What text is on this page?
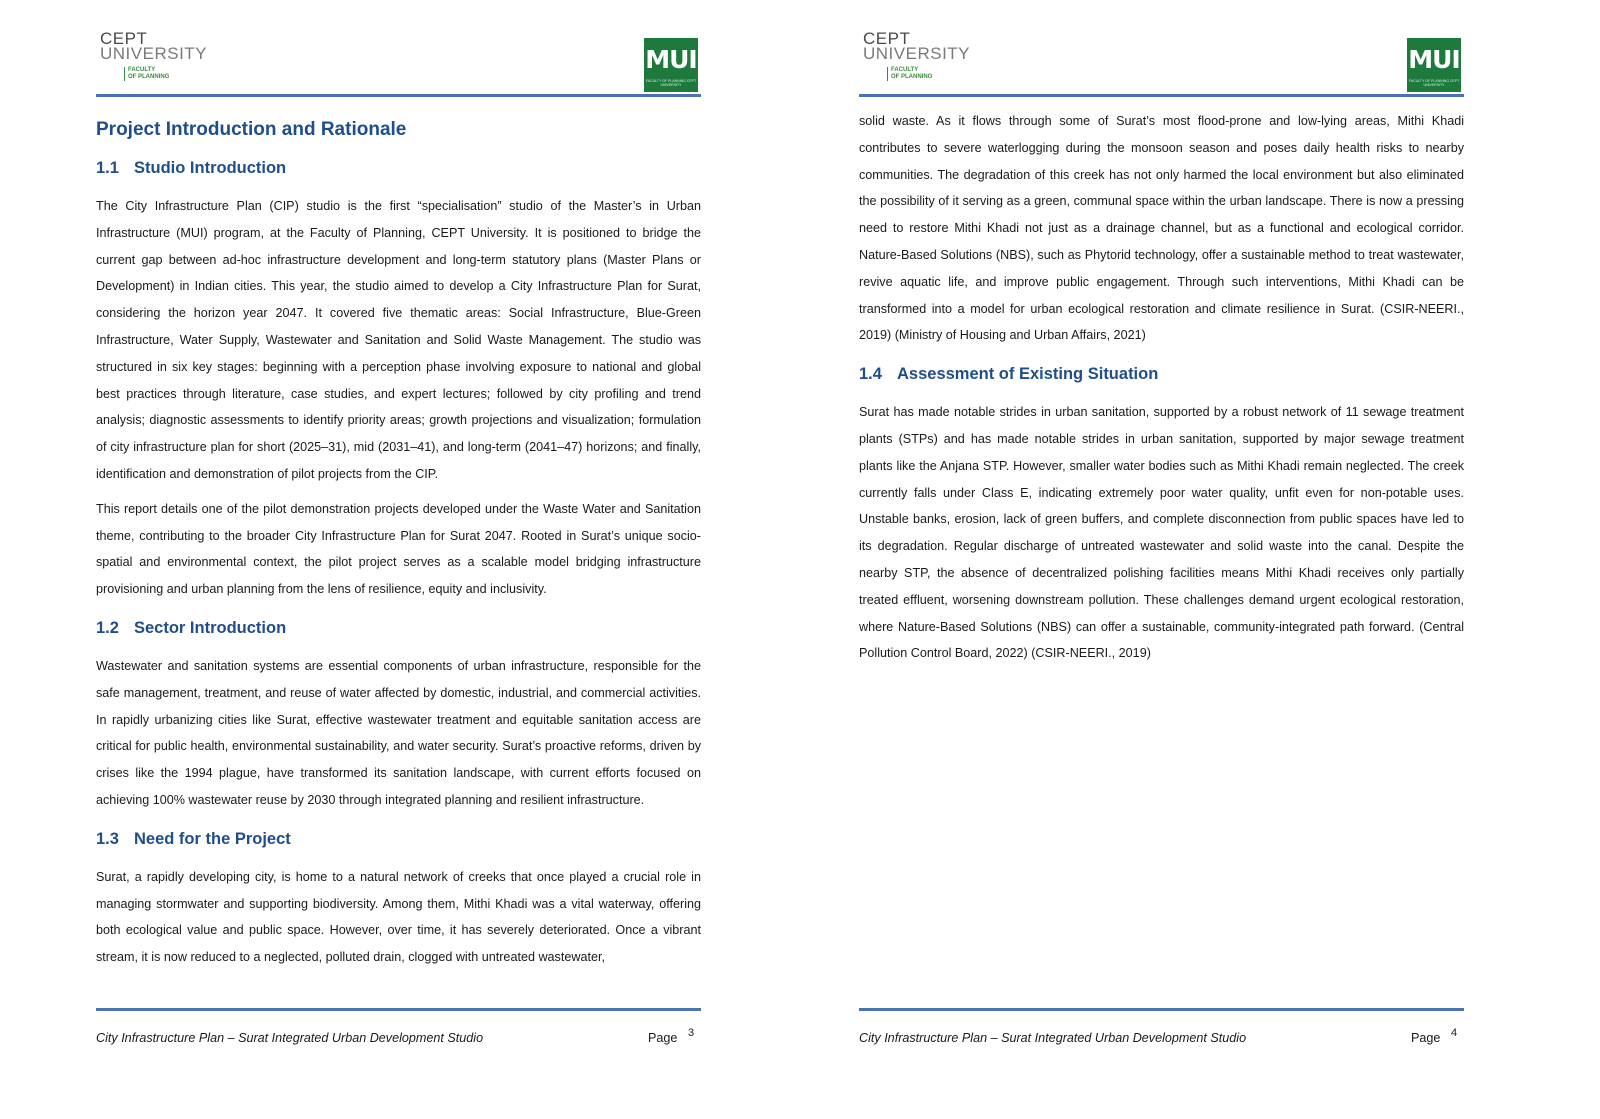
CEPT
UNIVERSITY
FACULTY
OF PLANNING
MUI
FACULTY OF PLANNING CEPT UNIVERSITY
Project Introduction and Rationale
1.1 Studio Introduction

The City Infrastructure Plan (CIP) studio is the first “specialisation” studio of the Master’s in Urban Infrastructure (MUI) program, at the Faculty of Planning, CEPT University. It is positioned to bridge the current gap between ad-hoc infrastructure development and long-term statutory plans (Master Plans or Development) in Indian cities. This year, the studio aimed to develop a City Infrastructure Plan for Surat, considering the horizon year 2047. It covered five thematic areas: Social Infrastructure, Blue-Green Infrastructure, Water Supply, Wastewater and Sanitation and Solid Waste Management. The studio was structured in six key stages: beginning with a perception phase involving exposure to national and global best practices through literature, case studies, and expert lectures; followed by city profiling and trend analysis; diagnostic assessments to identify priority areas; growth projections and visualization; formulation of city infrastructure plan for short (2025–31), mid (2031–41), and long-term (2041–47) horizons; and finally, identification and demonstration of pilot projects from the CIP.

This report details one of the pilot demonstration projects developed under the Waste Water and Sanitation theme, contributing to the broader City Infrastructure Plan for Surat 2047. Rooted in Surat’s unique socio-spatial and environmental context, the pilot project serves as a scalable model bridging infrastructure provisioning and urban planning from the lens of resilience, equity and inclusivity.

1.2 Sector Introduction

Wastewater and sanitation systems are essential components of urban infrastructure, responsible for the safe management, treatment, and reuse of water affected by domestic, industrial, and commercial activities. In rapidly urbanizing cities like Surat, effective wastewater treatment and equitable sanitation access are critical for public health, environmental sustainability, and water security. Surat’s proactive reforms, driven by crises like the 1994 plague, have transformed its sanitation landscape, with current efforts focused on achieving 100% wastewater reuse by 2030 through integrated planning and resilient infrastructure.

1.3 Need for the Project

Surat, a rapidly developing city, is home to a natural network of creeks that once played a crucial role in managing stormwater and supporting biodiversity. Among them, Mithi Khadi was a vital waterway, offering both ecological value and public space. However, over time, it has severely deteriorated. Once a vibrant stream, it is now reduced to a neglected, polluted drain, clogged with untreated wastewater,

City Infrastructure Plan – Surat Integrated Urban Development Studio	Page 3
CEPT
UNIVERSITY
FACULTY
OF PLANNING
MUI
FACULTY OF PLANNING CEPT UNIVERSITY

solid waste. As it flows through some of Surat’s most flood-prone and low-lying areas, Mithi Khadi contributes to severe waterlogging during the monsoon season and poses daily health risks to nearby communities. The degradation of this creek has not only harmed the local environment but also eliminated the possibility of it serving as a green, communal space within the urban landscape. There is now a pressing need to restore Mithi Khadi not just as a drainage channel, but as a functional and ecological corridor. Nature-Based Solutions (NBS), such as Phytorid technology, offer a sustainable method to treat wastewater, revive aquatic life, and improve public engagement. Through such interventions, Mithi Khadi can be transformed into a model for urban ecological restoration and climate resilience in Surat. (CSIR-NEERI., 2019) (Ministry of Housing and Urban Affairs, 2021)

1.4 Assessment of Existing Situation

Surat has made notable strides in urban sanitation, supported by a robust network of 11 sewage treatment plants (STPs) and has made notable strides in urban sanitation, supported by major sewage treatment plants like the Anjana STP. However, smaller water bodies such as Mithi Khadi remain neglected. The creek currently falls under Class E, indicating extremely poor water quality, unfit even for non-potable uses. Unstable banks, erosion, lack of green buffers, and complete disconnection from public spaces have led to its degradation. Regular discharge of untreated wastewater and solid waste into the canal. Despite the nearby STP, the absence of decentralized polishing facilities means Mithi Khadi receives only partially treated effluent, worsening downstream pollution. These challenges demand urgent ecological restoration, where Nature-Based Solutions (NBS) can offer a sustainable, community-integrated path forward. (Central Pollution Control Board, 2022) (CSIR-NEERI., 2019)

City Infrastructure Plan – Surat Integrated Urban Development Studio	Page 4
